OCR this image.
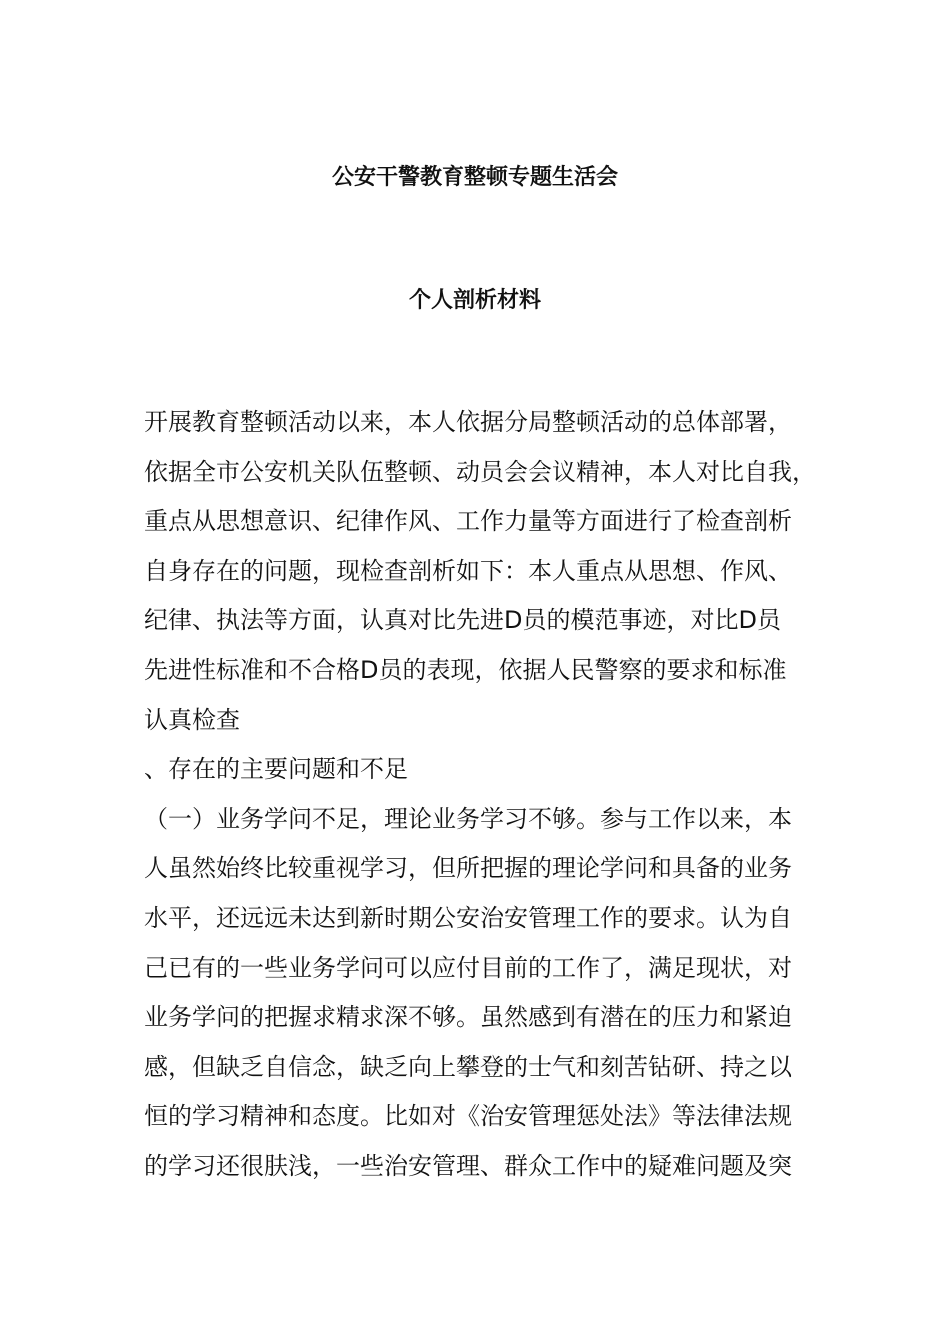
公安干警教育整顿专题生活会
个人剖析材料
开展教育整顿活动以来，本人依据分局整顿活动的总体部署，
依据全市公安机关队伍整顿、动员会会议精神，本人对比自我，
重点从思想意识、纪律作风、工作力量等方面进行了检查剖析
自身存在的问题，现检查剖析如下：本人重点从思想、作风、
纪律、执法等方面，认真对比先进D员的模范事迹，对比D员
先进性标准和不合格D员的表现，依据人民警察的要求和标准
认真检查
、存在的主要问题和不足
（一）业务学问不足，理论业务学习不够。参与工作以来，本
人虽然始终比较重视学习，但所把握的理论学问和具备的业务
水平，还远远未达到新时期公安治安管理工作的要求。认为自
己已有的一些业务学问可以应付目前的工作了，满足现状，对
业务学问的把握求精求深不够。虽然感到有潜在的压力和紧迫
感，但缺乏自信念，缺乏向上攀登的士气和刻苦钻研、持之以
恒的学习精神和态度。比如对《治安管理惩处法》等法律法规
的学习还很肤浅，一些治安管理、群众工作中的疑难问题及突
